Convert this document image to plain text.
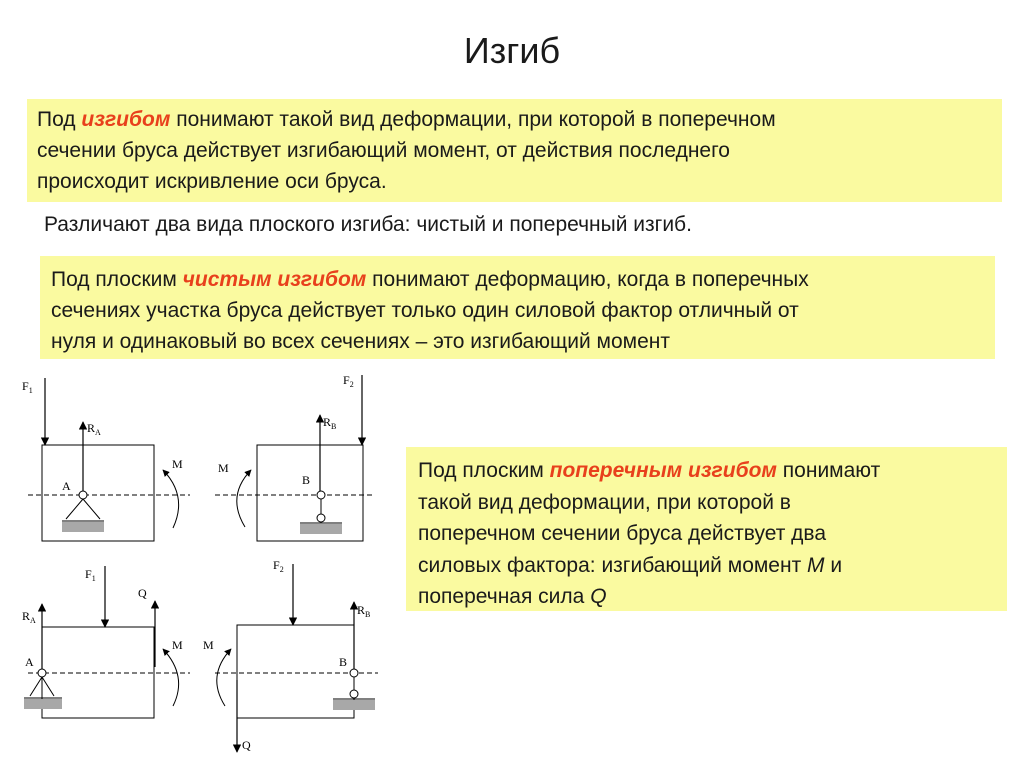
Изгиб
Под изгибом понимают такой вид деформации, при которой в поперечном
сечении бруса действует изгибающий момент, от действия последнего
происходит искривление оси бруса.
Различают два вида плоского изгиба: чистый и поперечный изгиб.
Под плоским чистым изгибом понимают деформацию, когда в поперечных
сечениях участка бруса действует только один силовой фактор отличный от
нуля и одинаковый во всех сечениях – это изгибающий момент
Под плоским поперечным изгибом понимают
такой вид деформации, при которой в
поперечном сечении бруса действует два
силовых фактора: изгибающий момент М и
поперечная сила Q
$F_1$
$R_A$
A
M
$F_2$
$R_B$
B
M
$F_1$
Q
$R_A$
A
M
$F_2$
Q
$R_B$
B
M
